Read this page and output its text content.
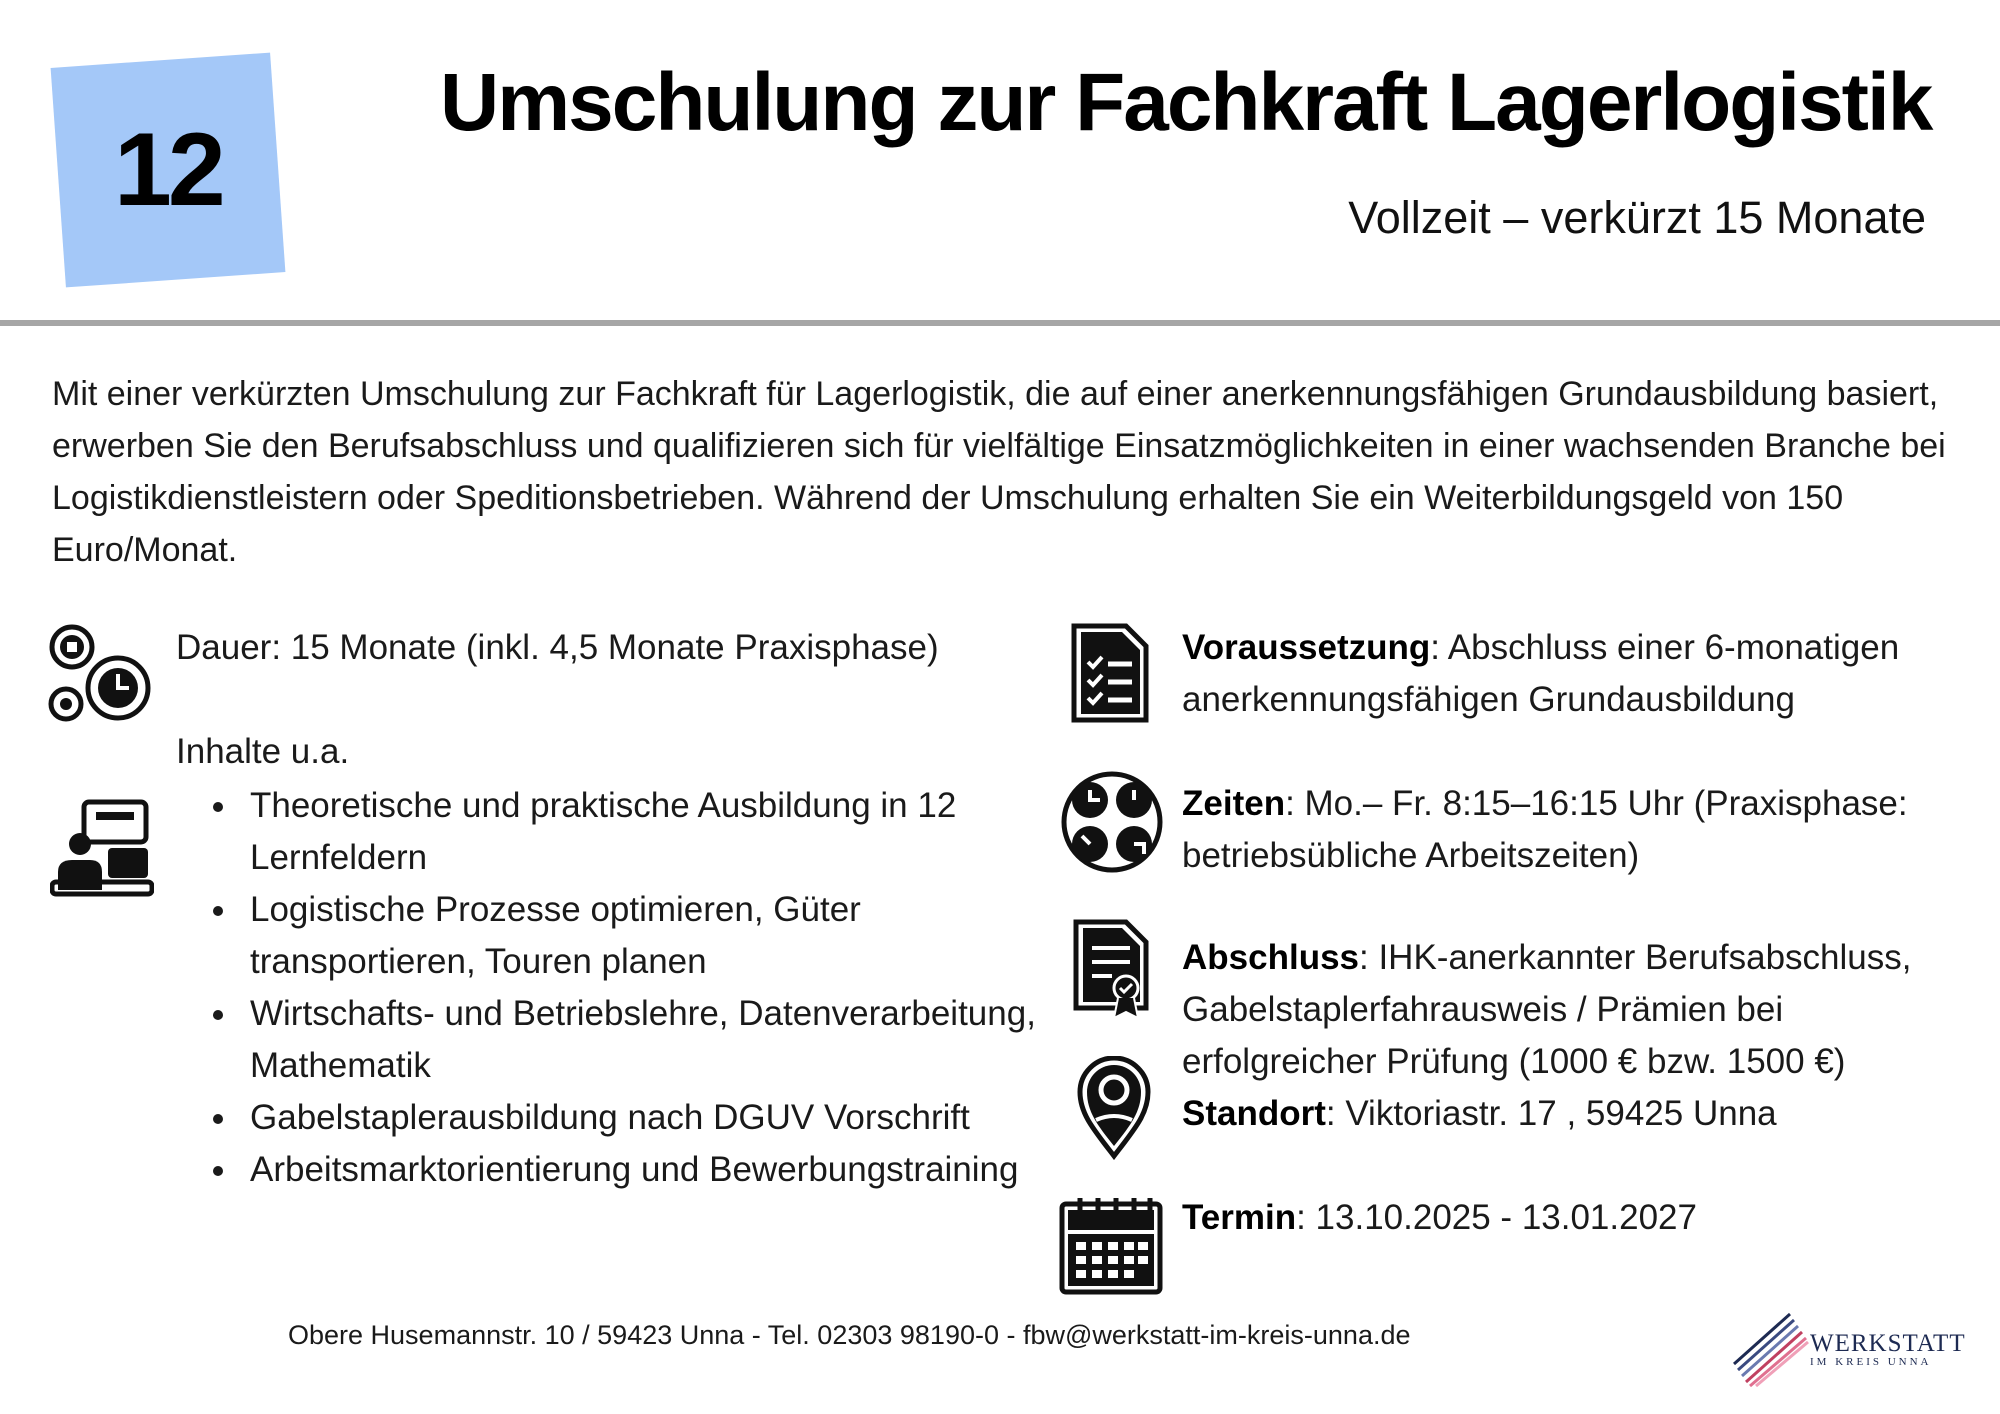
12
Umschulung zur Fachkraft Lagerlogistik
Vollzeit – verkürzt 15 Monate
Mit einer verkürzten Umschulung zur Fachkraft für Lagerlogistik, die auf einer anerkennungsfähigen Grundausbildung basiert, erwerben Sie den Berufsabschluss und qualifizieren sich für vielfältige Einsatzmöglichkeiten in einer wachsenden Branche bei Logistikdienstleistern oder Speditionsbetrieben. Während der Umschulung erhalten Sie ein Weiterbildungsgeld von 150 Euro/Monat.
Dauer: 15 Monate (inkl. 4,5 Monate Praxisphase)
Inhalte u.a.
• Theoretische und praktische Ausbildung in 12 Lernfeldern
• Logistische Prozesse optimieren, Güter transportieren, Touren planen
• Wirtschafts- und Betriebslehre, Datenverarbeitung, Mathematik
• Gabelstaplerausbildung nach DGUV Vorschrift
• Arbeitsmarktorientierung und Bewerbungstraining
Voraussetzung: Abschluss einer 6-monatigen anerkennungsfähigen Grundausbildung
Zeiten: Mo.– Fr. 8:15–16:15 Uhr (Praxisphase: betriebsübliche Arbeitszeiten)
Abschluss: IHK-anerkannter Berufsabschluss, Gabelstaplerfahrausweis / Prämien bei erfolgreicher Prüfung (1000 € bzw. 1500 €)
Standort: Viktoriastr. 17 , 59425 Unna
Termin: 13.10.2025 - 13.01.2027
Obere Husemannstr. 10 / 59423 Unna - Tel. 02303 98190-0 - fbw@werkstatt-im-kreis-unna.de	WERKSTATT
IM KREIS UNNA
